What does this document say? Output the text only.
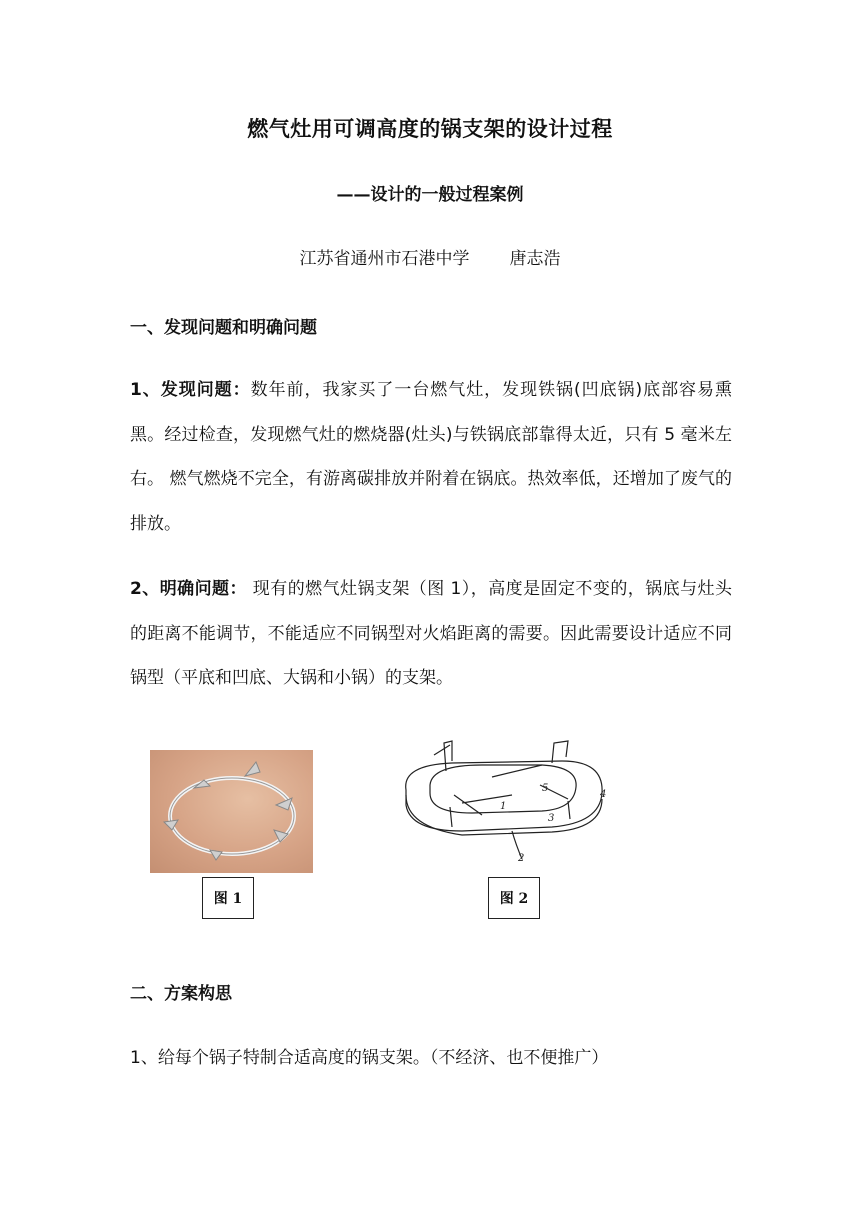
燃气灶用可调高度的锅支架的设计过程
——设计的一般过程案例
江苏省通州市石港中学 唐志浩
一、发现问题和明确问题
1、发现问题：数年前，我家买了一台燃气灶，发现铁锅(凹底锅)底部容易熏黑。经过检查，发现燃气灶的燃烧器(灶头)与铁锅底部靠得太近，只有 5 毫米左右。 燃气燃烧不完全，有游离碳排放并附着在锅底。热效率低，还增加了废气的排放。
2、明确问题： 现有的燃气灶锅支架（图 1），高度是固定不变的，锅底与灶头的距离不能调节，不能适应不同锅型对火焰距离的需要。因此需要设计适应不同锅型（平底和凹底、大锅和小锅）的支架。
图 1
1
2
3
4
5
图 2
二、方案构思
1、给每个锅子特制合适高度的锅支架。（不经济、也不便推广）
